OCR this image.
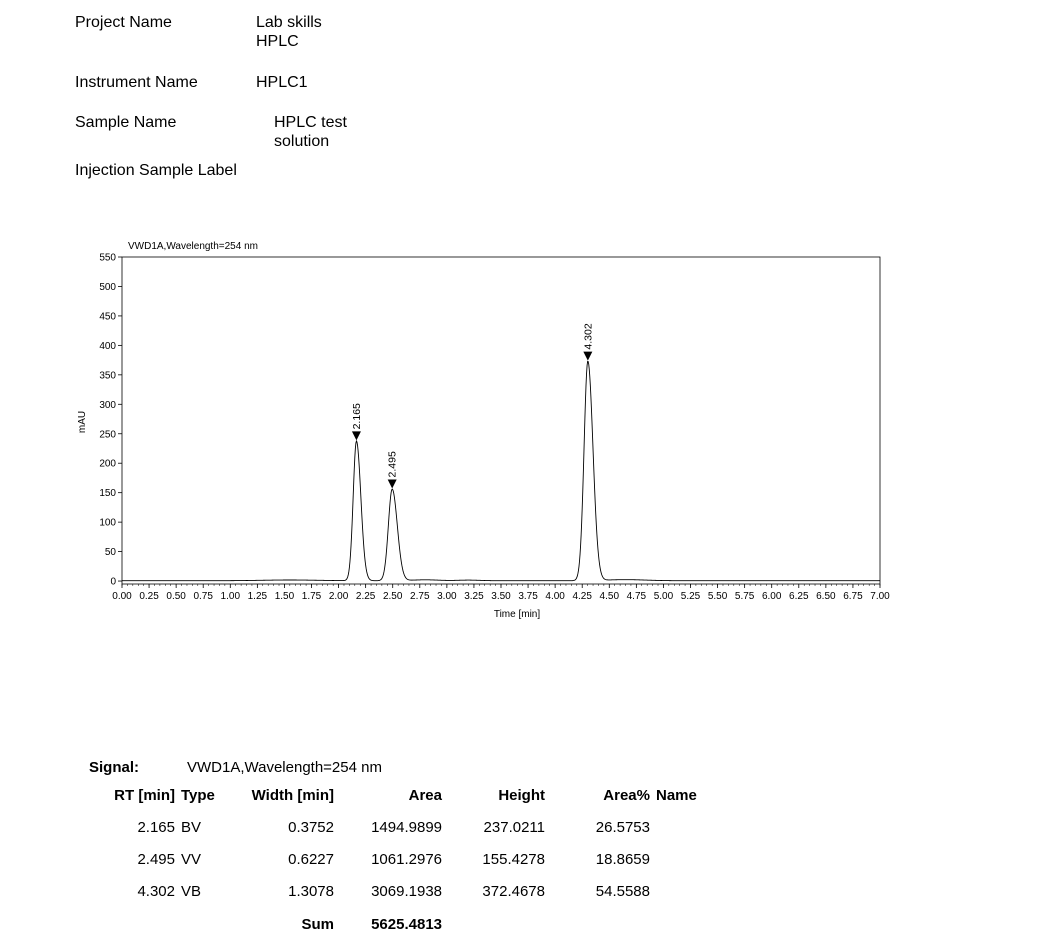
Project Name	Lab skills
HPLC
Instrument Name	HPLC1
Sample Name	HPLC test
solution
Injection Sample Label
VWD1A,Wavelength=254 nm
Time [min]
mAU
0
50
100
150
200
250
300
350
400
450
500
550
0.00 0.25 0.50 0.75 1.00 1.25 1.50 1.75 2.00 2.25 2.50 2.75 3.00 3.25 3.50 3.75 4.00 4.25 4.50 4.75 5.00 5.25 5.50 5.75 6.00 6.25 6.50 6.75 7.00
2.165
2.495
4.302
Signal:	VWD1A,Wavelength=254 nm
RT [min] Type Width [min]	Area	Height	Area% Name
2.165 BV	0.3752 1494.9899	237.0211	26.5753
2.495 VV	0.6227 1061.2976	155.4278	18.8659
4.302 VB	1.3078 3069.1938	372.4678	54.5588
Sum 5625.4813
